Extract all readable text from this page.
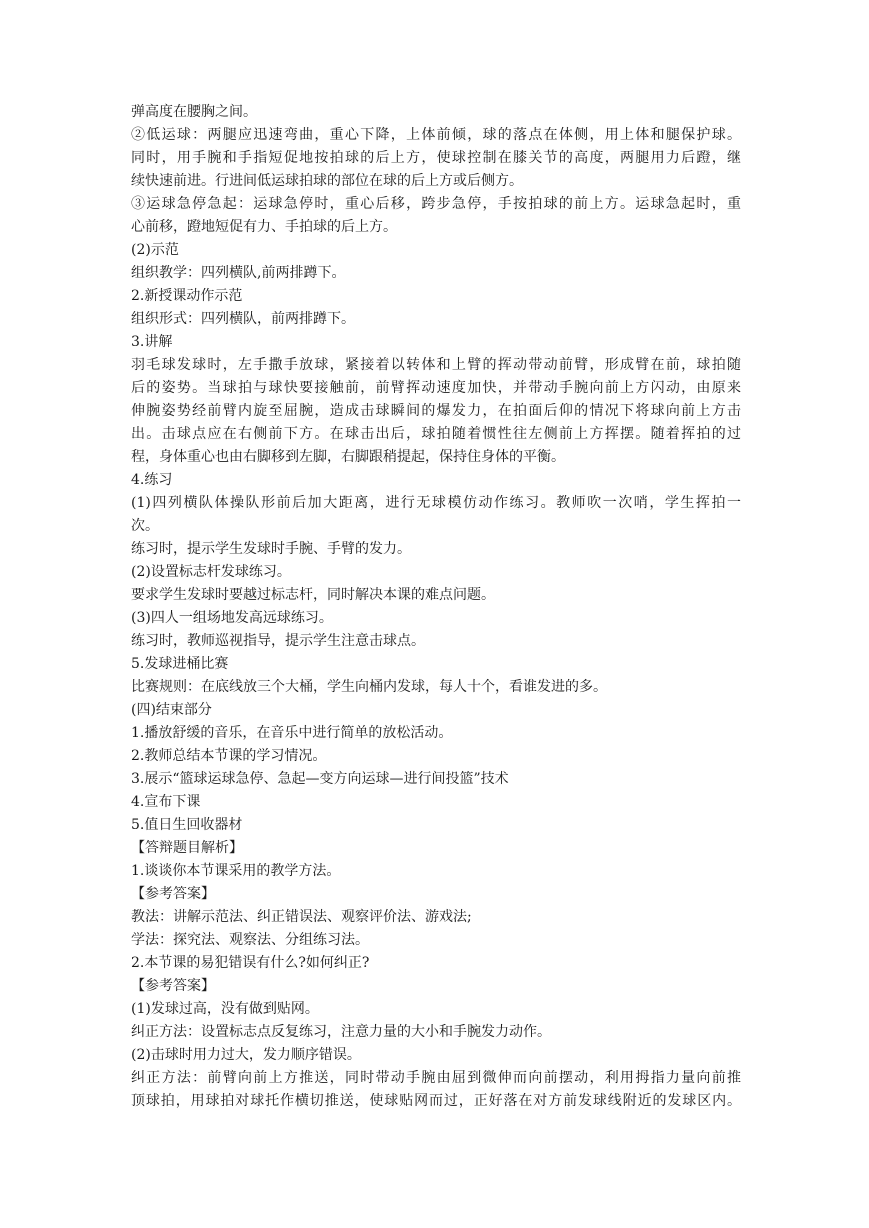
弹高度在腰胸之间。
②低运球：两腿应迅速弯曲，重心下降，上体前倾，球的落点在体侧，用上体和腿保护球。
同时，用手腕和手指短促地按拍球的后上方，使球控制在膝关节的高度，两腿用力后蹬，继
续快速前进。行进间低运球拍球的部位在球的后上方或后侧方。
③运球急停急起：运球急停时，重心后移，跨步急停，手按拍球的前上方。运球急起时，重
心前移，蹬地短促有力、手拍球的后上方。
(2)示范
组织教学：四列横队,前两排蹲下。
2.新授课动作示范
组织形式：四列横队，前两排蹲下。
3.讲解
羽毛球发球时，左手撒手放球，紧接着以转体和上臂的挥动带动前臂，形成臂在前，球拍随
后的姿势。当球拍与球快要接触前，前臂挥动速度加快，并带动手腕向前上方闪动，由原来
伸腕姿势经前臂内旋至屈腕，造成击球瞬间的爆发力，在拍面后仰的情况下将球向前上方击
出。击球点应在右侧前下方。在球击出后，球拍随着惯性往左侧前上方挥摆。随着挥拍的过
程，身体重心也由右脚移到左脚，右脚跟稍提起，保持住身体的平衡。
4.练习
(1)四列横队体操队形前后加大距离，进行无球模仿动作练习。教师吹一次哨，学生挥拍一
次。
练习时，提示学生发球时手腕、手臂的发力。
(2)设置标志杆发球练习。
要求学生发球时要越过标志杆，同时解决本课的难点问题。
(3)四人一组场地发高远球练习。
练习时，教师巡视指导，提示学生注意击球点。
5.发球进桶比赛
比赛规则：在底线放三个大桶，学生向桶内发球，每人十个，看谁发进的多。
(四)结束部分
1.播放舒缓的音乐，在音乐中进行简单的放松活动。
2.教师总结本节课的学习情况。
3.展示“篮球运球急停、急起—变方向运球—进行间投篮”技术
4.宣布下课
5.值日生回收器材
【答辩题目解析】
1.谈谈你本节课采用的教学方法。
【参考答案】
教法：讲解示范法、纠正错误法、观察评价法、游戏法;
学法：探究法、观察法、分组练习法。
2.本节课的易犯错误有什么?如何纠正?
【参考答案】
(1)发球过高，没有做到贴网。
纠正方法：设置标志点反复练习，注意力量的大小和手腕发力动作。
(2)击球时用力过大，发力顺序错误。
纠正方法：前臂向前上方推送，同时带动手腕由屈到微伸而向前摆动，利用拇指力量向前推
顶球拍，用球拍对球托作横切推送，使球贴网而过，正好落在对方前发球线附近的发球区内。
